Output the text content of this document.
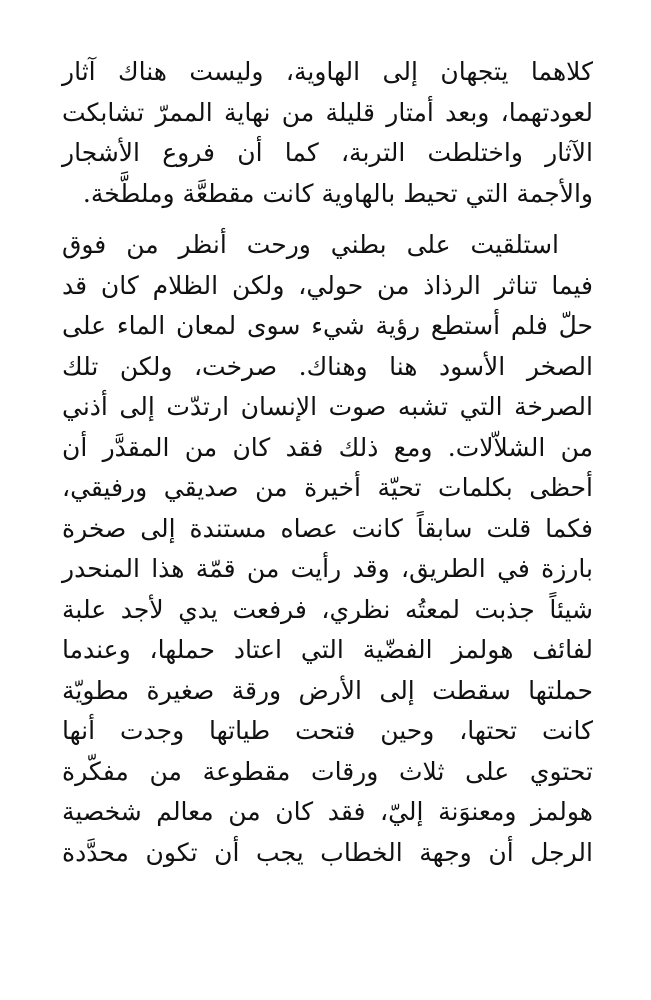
كلاهما يتجهان إلى الهاوية، وليست هناك آثار
لعودتهما، وبعد أمتار قليلة من نهاية الممرّ تشابكت
الآثار واختلطت التربة، كما أن فروع الأشجار
والأجمة التي تحيط بالهاوية كانت مقطعَّة وملطَّخة.

استلقيت على بطني ورحت أنظر من فوق
فيما تناثر الرذاذ من حولي، ولكن الظلام كان قد
حلّ فلم أستطع رؤية شيء سوى لمعان الماء على
الصخر الأسود هنا وهناك. صرخت، ولكن تلك
الصرخة التي تشبه صوت الإنسان ارتدّت إلى أذني
من الشلاّلات. ومع ذلك فقد كان من المقدَّر أن
أحظى بكلمات تحيّة أخيرة من صديقي ورفيقي،
فكما قلت سابقاً كانت عصاه مستندة إلى صخرة
بارزة في الطريق، وقد رأيت من قمّة هذا المنحدر
شيئاً جذبت لمعتُه نظري، فرفعت يدي لأجد علبة
لفائف هولمز الفضّية التي اعتاد حملها، وعندما
حملتها سقطت إلى الأرض ورقة صغيرة مطويّة
كانت تحتها، وحين فتحت طياتها وجدت أنها
تحتوي على ثلاث ورقات مقطوعة من مفكّرة
هولمز ومعنوَنة إليّ، فقد كان من معالم شخصية
الرجل أن وجهة الخطاب يجب أن تكون محدَّدة
